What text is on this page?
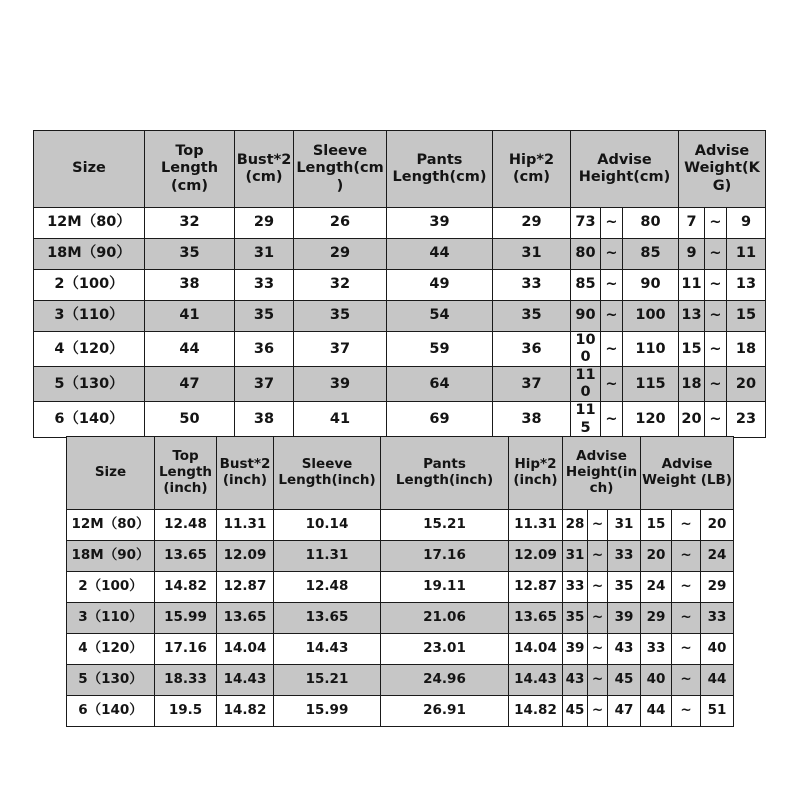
Size	Top Length (cm)	Bust*2 (cm)	Sleeve Length(cm)	Pants Length(cm)	Hip*2 (cm)	Advise Height(cm)			Advise Weight(KG)		
12M（80）	32	29	26	39	29	73	~	80	7	~	9
18M（90）	35	31	29	44	31	80	~	85	9	~	11
2（100）	38	33	32	49	33	85	~	90	11	~	13
3（110）	41	35	35	54	35	90	~	100	13	~	15
4（120）	44	36	37	59	36	100	~	110	15	~	18
5（130）	47	37	39	64	37	110	~	115	18	~	20
6（140）	50	38	41	69	38	115	~	120	20	~	23
Size	Top Length (inch)	Bust*2 (inch)	Sleeve Length(inch)	Pants Length(inch)	Hip*2 (inch)	Advise Height(inch)			Advise Weight (LB)		
12M（80）	12.48	11.31	10.14	15.21	11.31	28	~	31	15	~	20
18M（90）	13.65	12.09	11.31	17.16	12.09	31	~	33	20	~	24
2（100）	14.82	12.87	12.48	19.11	12.87	33	~	35	24	~	29
3（110）	15.99	13.65	13.65	21.06	13.65	35	~	39	29	~	33
4（120）	17.16	14.04	14.43	23.01	14.04	39	~	43	33	~	40
5（130）	18.33	14.43	15.21	24.96	14.43	43	~	45	40	~	44
6（140）	19.5	14.82	15.99	26.91	14.82	45	~	47	44	~	51
